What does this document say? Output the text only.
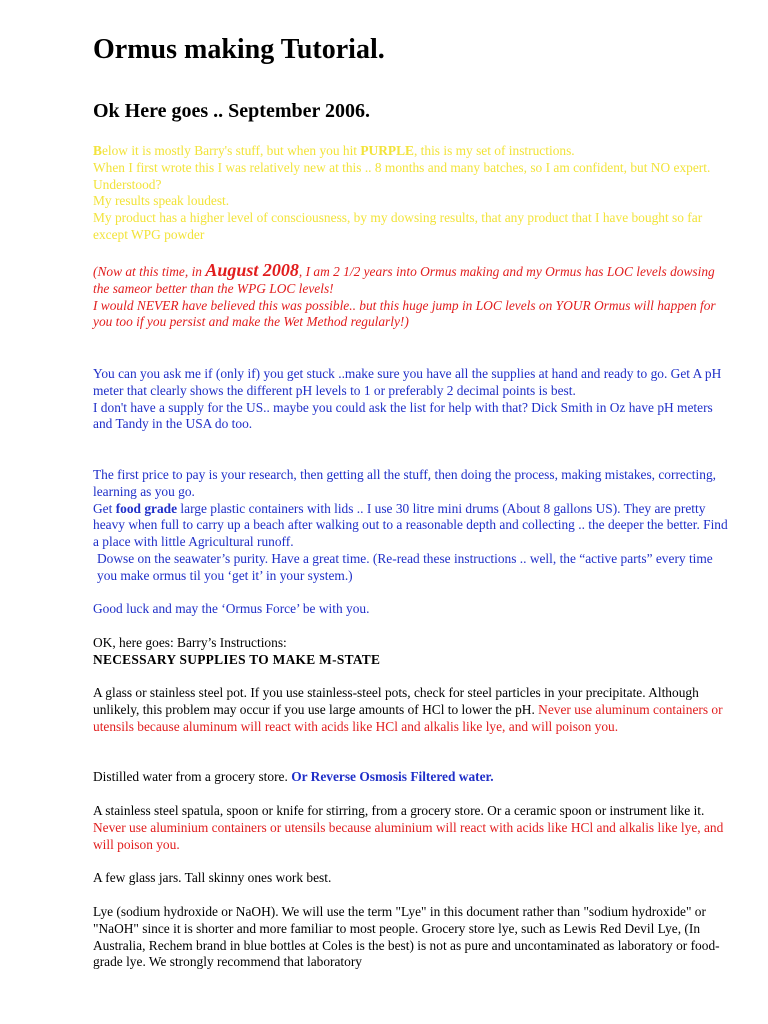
Ormus making Tutorial.
Ok Here goes .. September 2006.

Below it is mostly Barry's stuff, but when you hit PURPLE, this is my set of instructions.

When I first wrote this I was relatively new at this .. 8 months and many batches, so I am confident, but NO expert. Understood?

My results speak loudest.

My product has a higher level of consciousness, by my dowsing results, that any product that I have bought so far except WPG powder

(Now at this time, in August 2008, I am 2 1/2 years into Ormus making and my Ormus has LOC levels dowsing the sameor better than the WPG LOC levels!

I would NEVER have believed this was possible.. but this huge jump in LOC levels on YOUR Ormus will happen for you too if you persist and make the Wet Method regularly!)

You can you ask me if (only if) you get stuck ..make sure you have all the supplies at hand and ready to go. Get A pH meter that clearly shows the different pH levels to 1 or preferably 2 decimal points is best.

I don't have a supply for the US.. maybe you could ask the list for help with that? Dick Smith in Oz have pH meters and Tandy in the USA do too.

The first price to pay is your research, then getting all the stuff, then doing the process, making mistakes, correcting, learning as you go.

Get food grade large plastic containers with lids .. I use 30 litre mini drums (About 8 gallons US). They are pretty heavy when full to carry up a beach after walking out to a reasonable depth and collecting .. the deeper the better. Find a place with little Agricultural runoff.

Dowse on the seawater’s purity. Have a great time. (Re-read these instructions .. well, the “active parts” every time you make ormus til you ‘get it’ in your system.)

Good luck and may the ‘Ormus Force’ be with you.

OK, here goes: Barry’s Instructions:

NECESSARY SUPPLIES TO MAKE M-STATE

A glass or stainless steel pot. If you use stainless-steel pots, check for steel particles in your precipitate. Although unlikely, this problem may occur if you use large amounts of HCl to lower the pH. Never use aluminum containers or utensils because aluminum will react with acids like HCl and alkalis like lye, and will poison you.

Distilled water from a grocery store. Or Reverse Osmosis Filtered water.

A stainless steel spatula, spoon or knife for stirring, from a grocery store. Or a ceramic spoon or instrument like it. Never use aluminium containers or utensils because aluminium will react with acids like HCl and alkalis like lye, and will poison you.

A few glass jars. Tall skinny ones work best.

Lye (sodium hydroxide or NaOH). We will use the term "Lye" in this document rather than "sodium hydroxide" or "NaOH" since it is shorter and more familiar to most people. Grocery store lye, such as Lewis Red Devil Lye, (In Australia, Rechem brand in blue bottles at Coles is the best) is not as pure and uncontaminated as laboratory or food-grade lye. We strongly recommend that laboratory
